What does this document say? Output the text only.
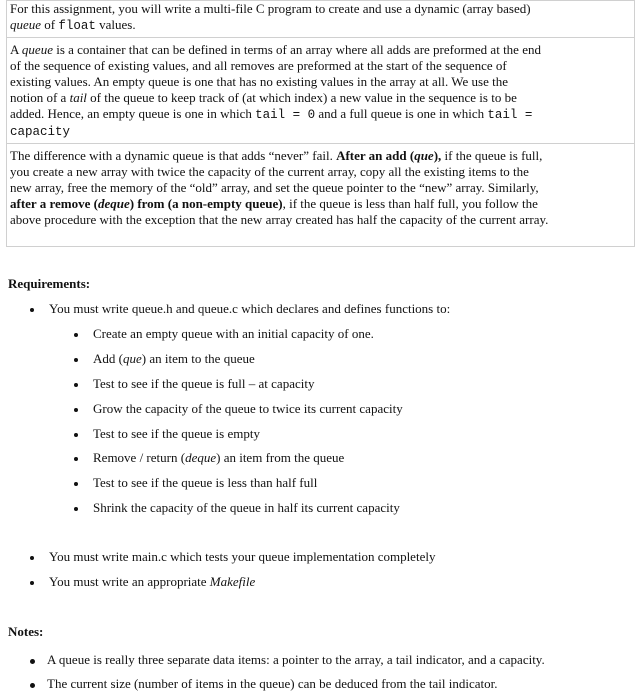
For this assignment, you will write a multi-file C program to create and use a dynamic (array based)

queue of float values.

A queue is a container that can be defined in terms of an array where all adds are preformed at the end

of the sequence of existing values, and all removes are preformed at the start of the sequence of

existing values. An empty queue is one that has no existing values in the array at all. We use the

notion of a tail of the queue to keep track of (at which index) a new value in the sequence is to be

added. Hence, an empty queue is one in which tail = 0 and a full queue is one in which tail =

capacity

The difference with a dynamic queue is that adds “never” fail. After an add (que), if the queue is full,

you create a new array with twice the capacity of the current array, copy all the existing items to the

new array, free the memory of the “old” array, and set the queue pointer to the “new” array. Similarly,

after a remove (deque) from (a non-empty queue), if the queue is less than half full, you follow the

above procedure with the exception that the new array created has half the capacity of the current array.

Requirements:

You must write queue.h and queue.c which declares and defines functions to:
Create an empty queue with an initial capacity of one.
Add (que) an item to the queue
Test to see if the queue is full – at capacity
Grow the capacity of the queue to twice its current capacity
Test to see if the queue is empty
Remove / return (deque) an item from the queue
Test to see if the queue is less than half full
Shrink the capacity of the queue in half its current capacity
You must write main.c which tests your queue implementation completely
You must write an appropriate Makefile

Notes:

A queue is really three separate data items: a pointer to the array, a tail indicator, and a capacity.
The current size (number of items in the queue) can be deduced from the tail indicator.
